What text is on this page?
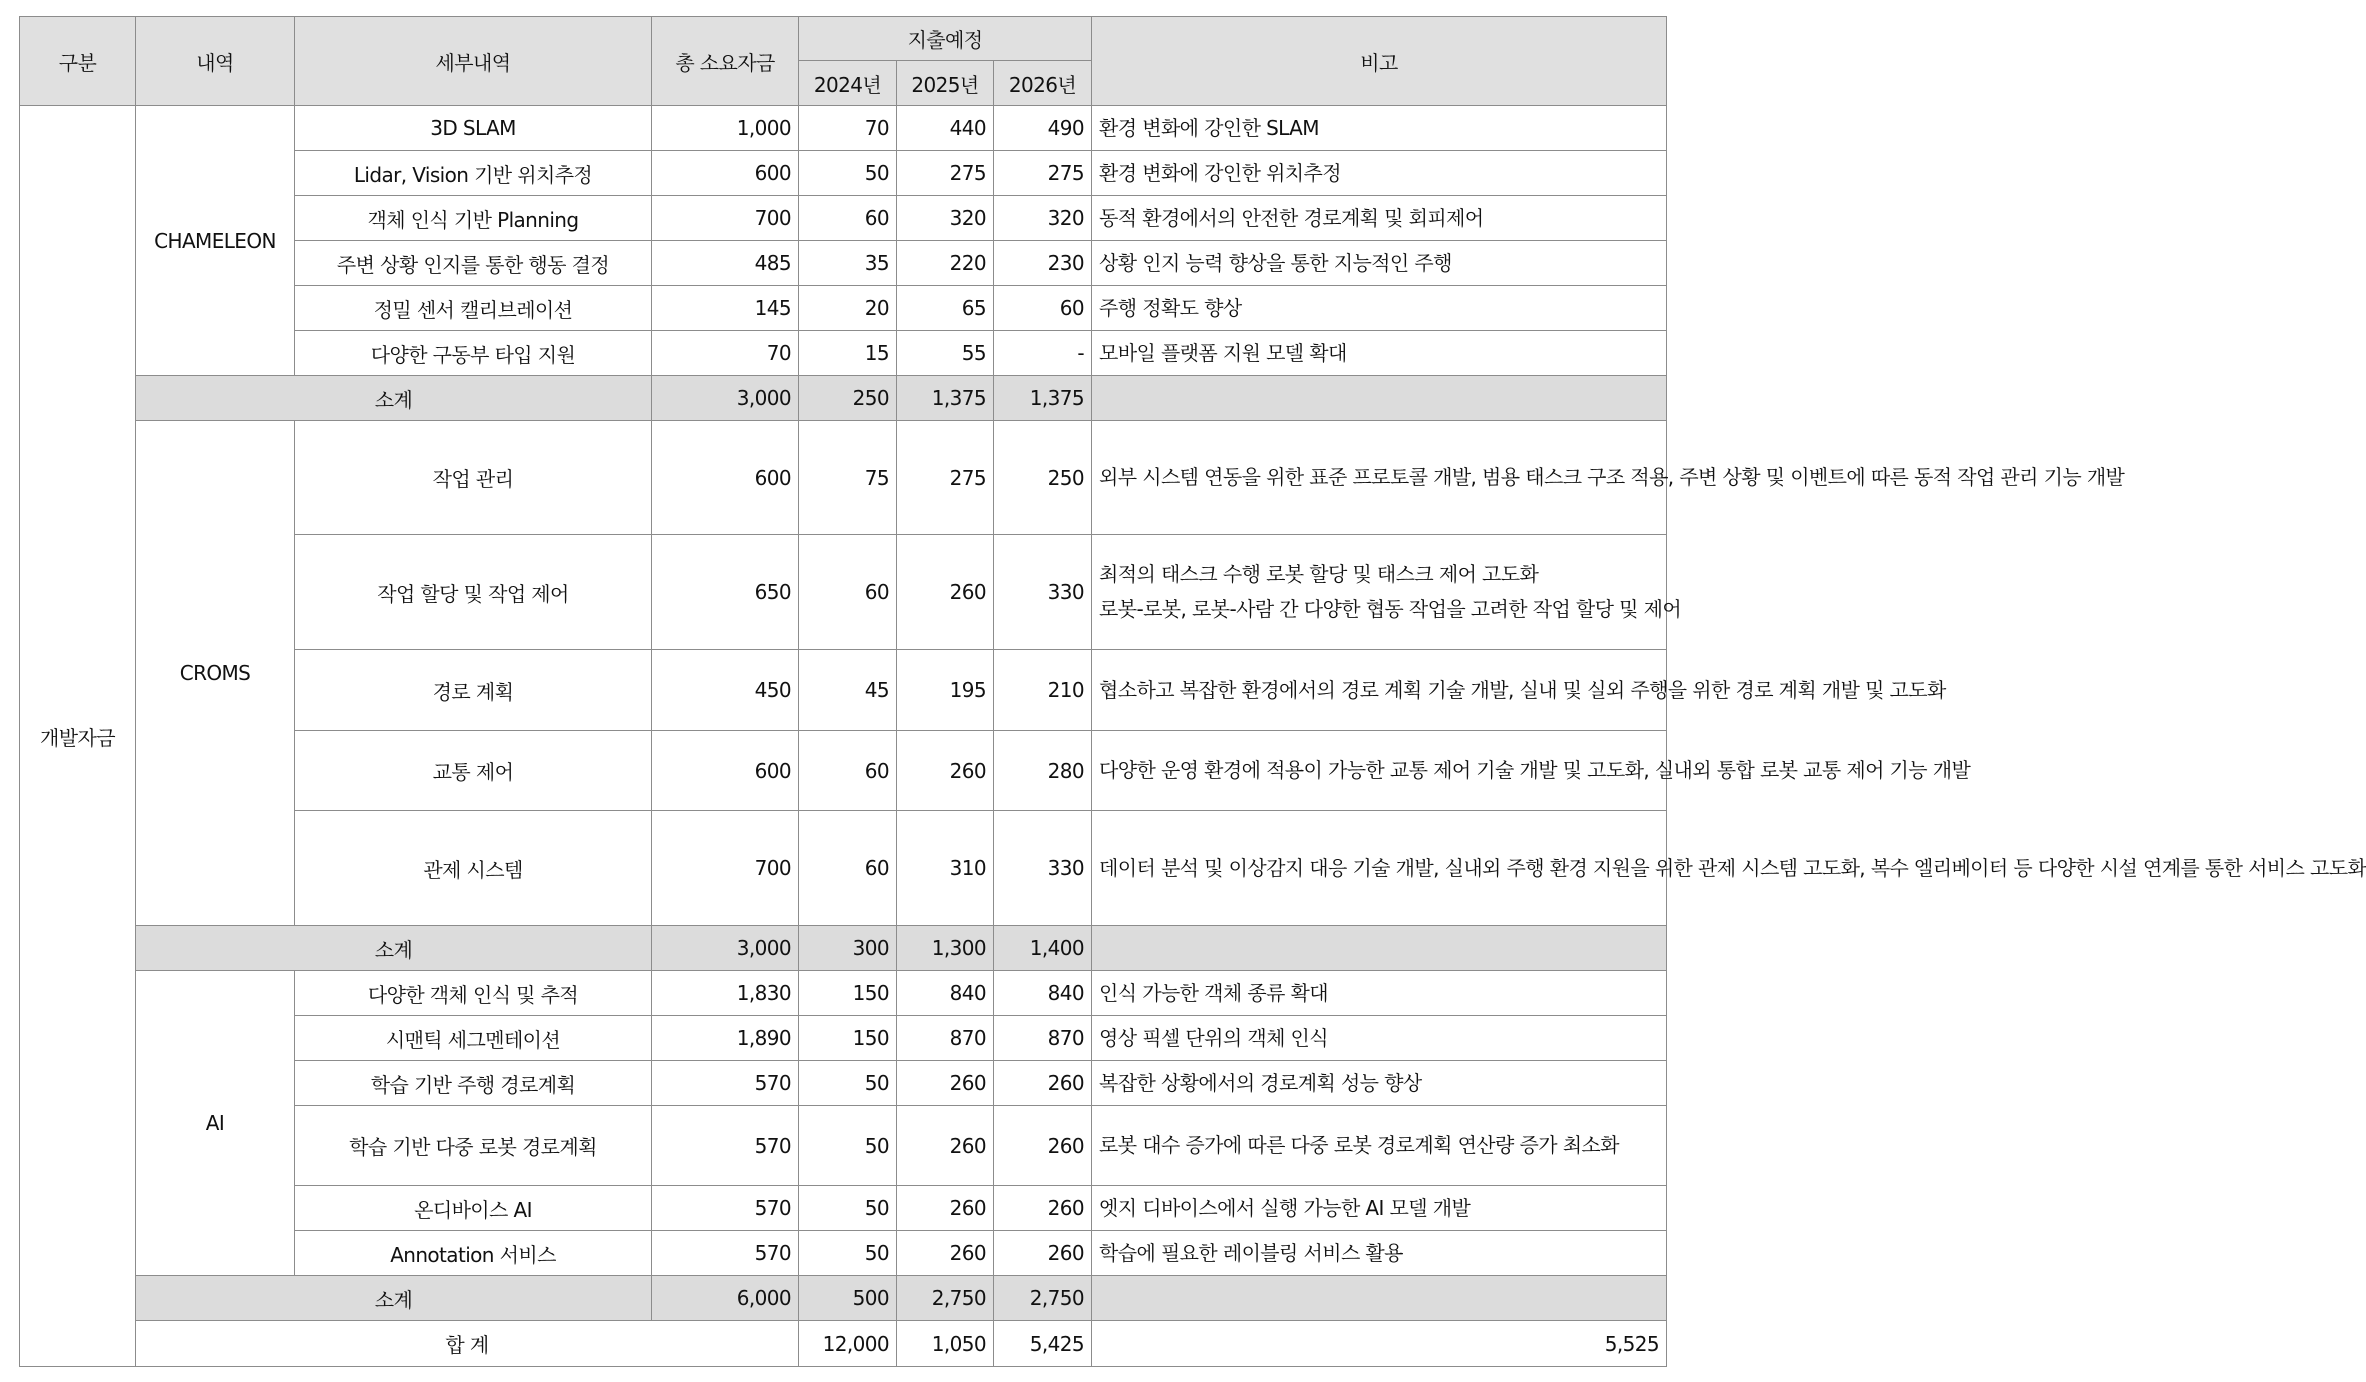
구분	내역	세부내역	총 소요자금	지출예정			비고	
				2024년	2025년	2026년		
개발자금	CHAMELEON	3D SLAM	1,000	70	440	490	환경 변화에 강인한 SLAM	
		Lidar, Vision 기반 위치추정	600	50	275	275	환경 변화에 강인한 위치추정	
		객체 인식 기반 Planning	700	60	320	320	동적 환경에서의 안전한 경로계획 및 회피제어	
		주변 상황 인지를 통한 행동 결정	485	35	220	230	상황 인지 능력 향상을 통한 지능적인 주행	
		정밀 센서 캘리브레이션	145	20	65	60	주행 정확도 향상	
		다양한 구동부 타입 지원	70	15	55	-	모바일 플랫폼 지원 모델 확대	
	소계		3,000	250	1,375	1,375		
	CROMS	작업 관리	600	75	275	250	외부 시스템 연동을 위한 표준 프로토콜 개발, 범용 태스크 구조 적용, 주변 상황 및 이벤트에 따른 동적 작업 관리 기능 개발	
		작업 할당 및 작업 제어	650	60	260	330	최적의 태스크 수행 로봇 할당 및 태스크 제어 고도화
로봇-로봇, 로봇-사람 간 다양한 협동 작업을 고려한 작업 할당 및 제어	

		경로 계획	450	45	195	210	협소하고 복잡한 환경에서의 경로 계획 기술 개발, 실내 및 실외 주행을 위한 경로 계획 개발 및 고도화	
		교통 제어	600	60	260	280	다양한 운영 환경에 적용이 가능한 교통 제어 기술 개발 및 고도화, 실내외 통합 로봇 교통 제어 기능 개발	
		관제 시스템	700	60	310	330	데이터 분석 및 이상감지 대응 기술 개발, 실내외 주행 환경 지원을 위한 관제 시스템 고도화, 복수 엘리베이터 등 다양한 시설 연계를 통한 서비스 고도화	
	소계		3,000	300	1,300	1,400		
	AI	다양한 객체 인식 및 추적	1,830	150	840	840	인식 가능한 객체 종류 확대	
		시맨틱 세그멘테이션	1,890	150	870	870	영상 픽셀 단위의 객체 인식	
		학습 기반 주행 경로계획	570	50	260	260	복잡한 상황에서의 경로계획 성능 향상	
		학습 기반 다중 로봇 경로계획	570	50	260	260	로봇 대수 증가에 따른 다중 로봇 경로계획 연산량 증가 최소화	
		온디바이스 AI	570	50	260	260	엣지 디바이스에서 실행 가능한 AI 모델 개발	
		Annotation 서비스	570	50	260	260	학습에 필요한 레이블링 서비스 활용	
	소계		6,000	500	2,750	2,750		
	합 계			12,000	1,050	5,425	5,525	
